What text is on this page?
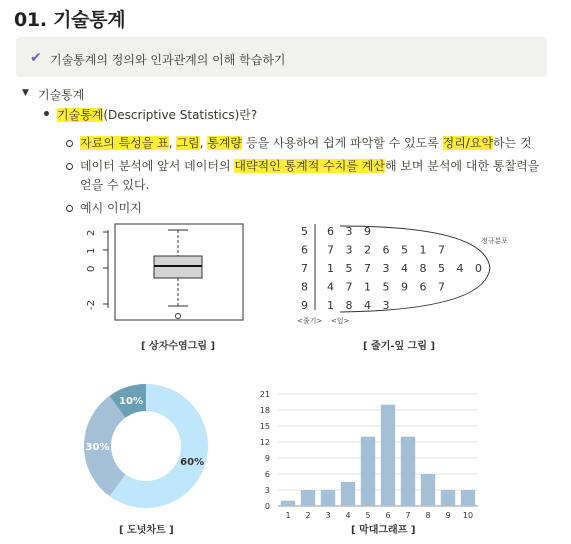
01. 기술통계
✔ 기술통계의 정의와 인과관계의 이해 학습하기
▼ 기술통계
기술통계(Descriptive Statistics)란?
자료의 특성을 표, 그림, 통계량 등을 사용하여 쉽게 파악할 수 있도록 정리/요약하는 것
데이터 분석에 앞서 데이터의 대략적인 통계적 수치를 계산해 보며 분석에 대한 통찰력을
얻을 수 있다.
예시 이미지
2
1
0
-2
[ 상자수염그림 ]
5 6 3 9
6 7 3 2 6 5 1 7
7 1 5 7 3 4 8 5 4 0
8 4 7 1 5 9 6 7
9 1 8 4 3
<줄기> <잎>
정규분포
[ 줄기-잎 그림 ]
60%
30%
10%
[ 도넛차트 ]
0
3
6
9
12
15
18
21
1 2 3 4 5 6 7 8 9 10
[ 막대그래프 ]
